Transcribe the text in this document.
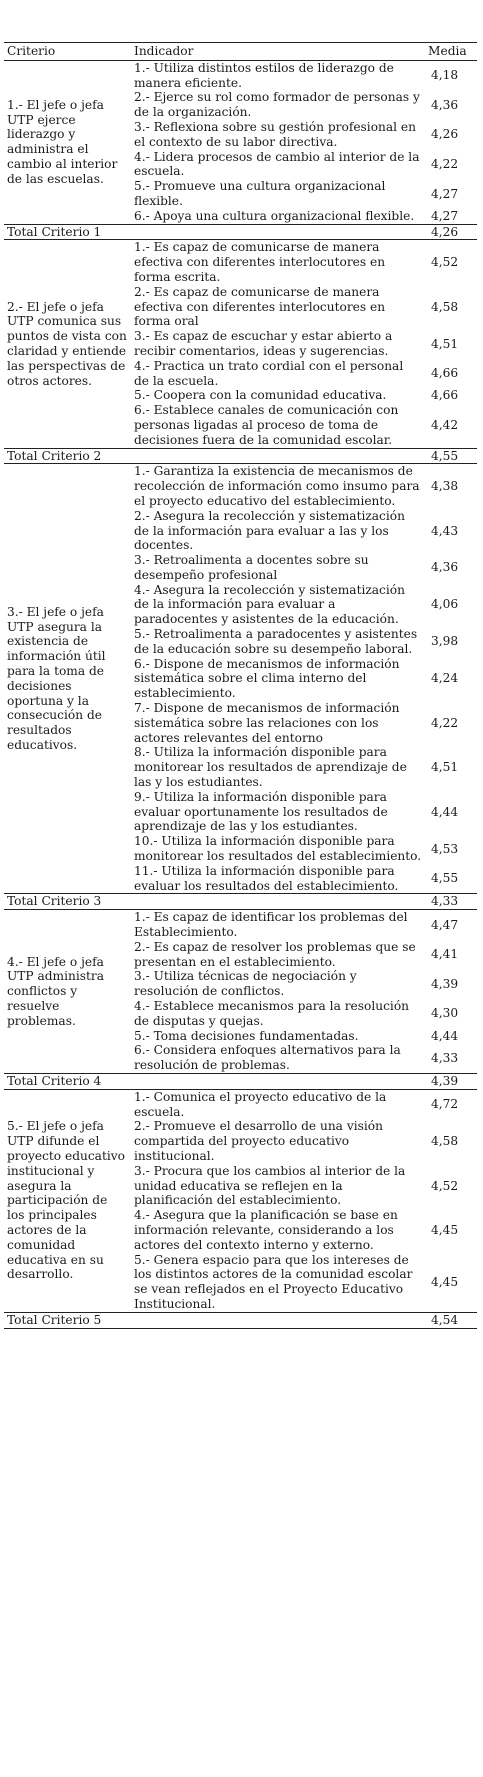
Criterio	Indicador	Media
1.- El jefe o jefa UTP ejerce liderazgo y administra el cambio al interior de las escuelas.	1.- Utiliza distintos estilos de liderazgo de manera eficiente.	4,18
	2.- Ejerce su rol como formador de personas y de la organización.	4,36
	3.- Reflexiona sobre su gestión profesional en el contexto de su labor directiva.	4,26
	4.- Lidera procesos de cambio al interior de la escuela.	4,22
	5.- Promueve una cultura organizacional flexible.	4,27
	6.- Apoya una cultura organizacional flexible.	4,27
Total Criterio 1		4,26
2.- El jefe o jefa UTP comunica sus puntos de vista con claridad y entiende las perspectivas de otros actores.	1.- Es capaz de comunicarse de manera efectiva con diferentes interlocutores en forma escrita.	4,52
	2.- Es capaz de comunicarse de manera efectiva con diferentes interlocutores en forma oral	4,58
	3.- Es capaz de escuchar y estar abierto a recibir comentarios, ideas y sugerencias.	4,51
	4.- Practica un trato cordial con el personal de la escuela.	4,66
	5.- Coopera con la comunidad educativa.	4,66
	6.- Establece canales de comunicación con personas ligadas al proceso de toma de decisiones fuera de la comunidad escolar.	4,42
Total Criterio 2		4,55
3.- El jefe o jefa UTP asegura la existencia de información útil para la toma de decisiones oportuna y la consecución de resultados educativos.	1.- Garantiza la existencia de mecanismos de recolección de información como insumo para el proyecto educativo del establecimiento.	4,38
	2.- Asegura la recolección y sistematización de la información para evaluar a las y los docentes.	4,43
	3.- Retroalimenta a docentes sobre su desempeño profesional	4,36
	4.- Asegura la recolección y sistematización de la información para evaluar a paradocentes y asistentes de la educación.	4,06
	5.- Retroalimenta a paradocentes y asistentes de la educación sobre su desempeño laboral.	3,98
	6.- Dispone de mecanismos de información sistemática sobre el clima interno del establecimiento.	4,24
	7.- Dispone de mecanismos de información sistemática sobre las relaciones con los actores relevantes del entorno	4,22
	8.- Utiliza la información disponible para monitorear los resultados de aprendizaje de las y los estudiantes.	4,51
	9.- Utiliza la información disponible para evaluar oportunamente los resultados de aprendizaje de las y los estudiantes.	4,44
	10.- Utiliza la información disponible para monitorear los resultados del establecimiento.	4,53
	11.- Utiliza la información disponible para evaluar los resultados del establecimiento.	4,55
Total Criterio 3		4,33
4.- El jefe o jefa UTP administra conflictos y resuelve problemas.	1.- Es capaz de identificar los problemas del Establecimiento.	4,47
	2.- Es capaz de resolver los problemas que se presentan en el establecimiento.	4,41
	3.- Utiliza técnicas de negociación y resolución de conflictos.	4,39
	4.- Establece mecanismos para la resolución de disputas y quejas.	4,30
	5.- Toma decisiones fundamentadas.	4,44
	6.- Considera enfoques alternativos para la resolución de problemas.	4,33
Total Criterio 4		4,39
5.- El jefe o jefa UTP difunde el proyecto educativo institucional y asegura la participación de los principales actores de la comunidad educativa en su desarrollo.	1.- Comunica el proyecto educativo de la escuela.	4,72
	2.- Promueve el desarrollo de una visión compartida del proyecto educativo institucional.	4,58
	3.- Procura que los cambios al interior de la unidad educativa se reflejen en la planificación del establecimiento.	4,52
	4.- Asegura que la planificación se base en información relevante, considerando a los actores del contexto interno y externo.	4,45
	5.- Genera espacio para que los intereses de los distintos actores de la comunidad escolar se vean reflejados en el Proyecto Educativo Institucional.	4,45
Total Criterio 5		4,54
